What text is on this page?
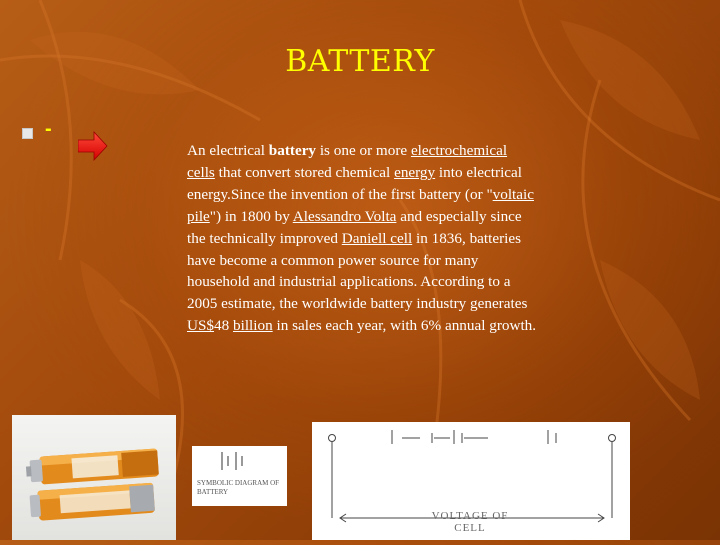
BATTERY
-
An electrical battery is one or more electrochemical cells that convert stored chemical energy into electrical energy.Since the invention of the first battery (or "voltaic pile") in 1800 by Alessandro Volta and especially since the technically improved Daniell cell in 1836, batteries have become a common power source for many household and industrial applications. According to a 2005 estimate, the worldwide battery industry generates US$48 billion in sales each year, with 6% annual growth.
SYMBOLIC DIAGRAM OF BATTERY
VOLTAGE OF CELL
